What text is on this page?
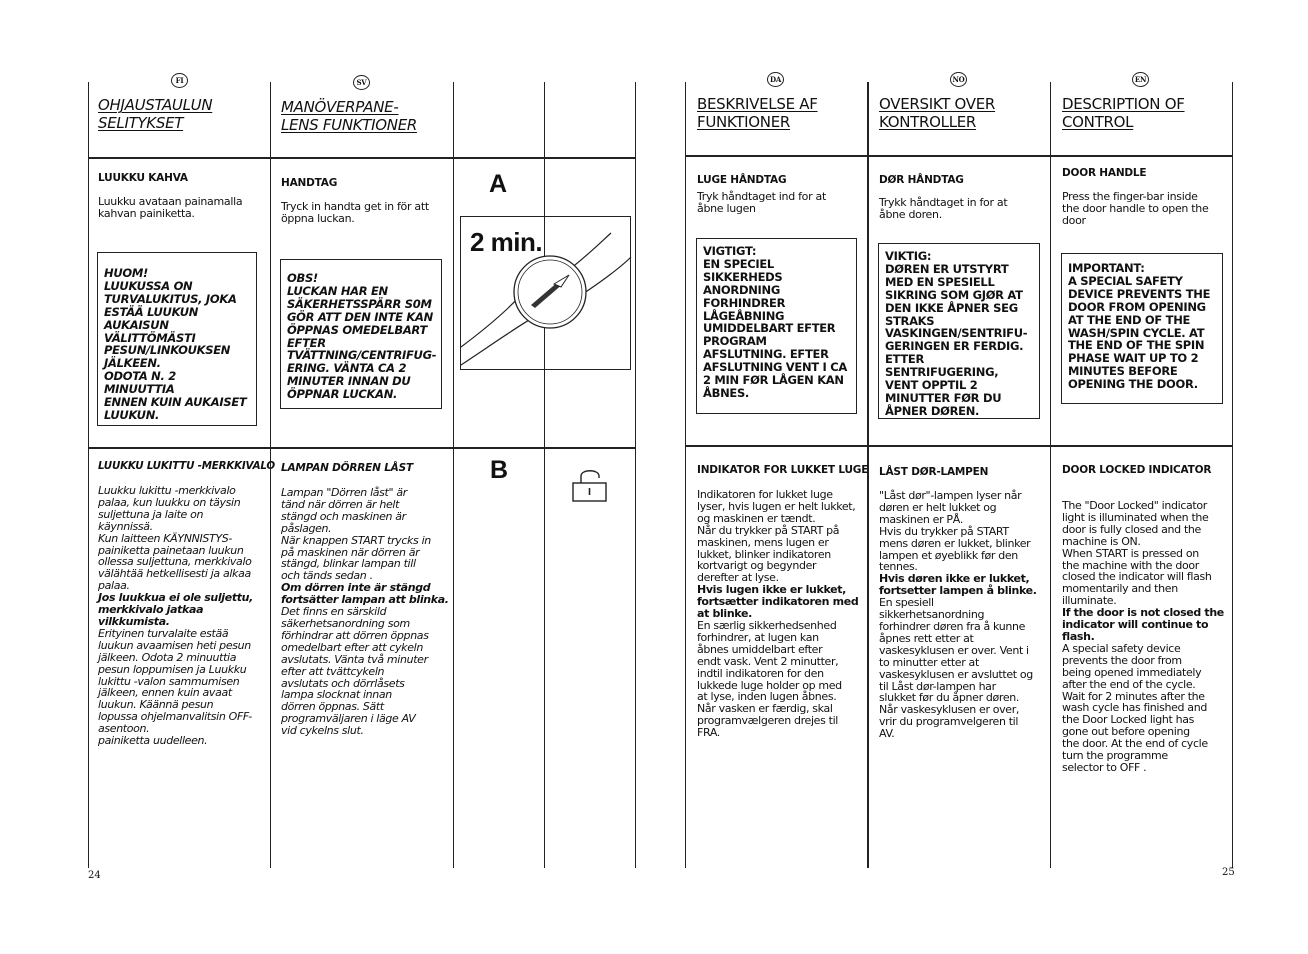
FI
OHJAUSTAULUN
SELITYKSET
LUUKKU KAHVA
Luukku avataan painamalla
kahvan painiketta.
HUOM!
LUUKUSSA ON
TURVALUKITUS, JOKA
ESTÄÄ LUUKUN
AUKAISUN
VÄLITTÖMÄSTI
PESUN/LINKOUKSEN
JÄLKEEN.
ODOTA N. 2 MINUUTTIA
ENNEN KUIN AUKAISET
LUUKUN.
LUUKKU LUKITTU -MERKKIVALO
Luukku lukittu -merkkivalo
palaa, kun luukku on täysin
suljettuna ja laite on
käynnissä.
Kun laitteen KÄYNNISTYS-
painiketta painetaan luukun
ollessa suljettuna, merkkivalo
välähtää hetkellisesti ja alkaa
palaa.
Jos luukkua ei ole suljettu,
merkkivalo jatkaa
vilkkumista.
Erityinen turvalaite estää
luukun avaamisen heti pesun
jälkeen. Odota 2 minuuttia
pesun loppumisen ja Luukku
lukittu -valon sammumisen
jälkeen, ennen kuin avaat
luukun. Käännä pesun
lopussa ohjelmanvalitsin OFF-
asentoon.
painiketta uudelleen.
SV
MANÖVERPANE-
LENS FUNKTIONER
HANDTAG
Tryck in handta get in för att
öppna luckan.
OBS!
LUCKAN HAR EN
SÄKERHETSSPÄRR S0M
GÖR ATT DEN INTE KAN
ÖPPNAS OMEDELBART
EFTER
TVÄTTNING/CENTRIFUG-
ERING. VÄNTA CA 2
MINUTER INNAN DU
ÖPPNAR LUCKAN.
LAMPAN DÖRREN LÅST
Lampan "Dörren låst" är
tänd när dörren är helt
stängd och maskinen är
påslagen.
När knappen START trycks in
på maskinen när dörren är
stängd, blinkar lampan till
och tänds sedan .
Om dörren inte är stängd
fortsätter lampan att blinka.
Det finns en särskild
säkerhetsanordning som
förhindrar att dörren öppnas
omedelbart efter att cykeln
avslutats. Vänta två minuter
efter att tvättcykeln
avslutats och dörrlåsets
lampa slocknat innan
dörren öppnas. Sätt
programväljaren i läge AV
vid cykelns slut.
A
2 min.
B
24
DA
BESKRIVELSE AF
FUNKTIONER
LUGE HÅNDTAG
Tryk håndtaget ind for at
åbne lugen
VIGTIGT:
EN SPECIEL
SIKKERHEDS
ANORDNING
FORHINDRER
LÅGEÅBNING
UMIDDELBART EFTER
PROGRAM
AFSLUTNING. EFTER
AFSLUTNING VENT I CA
2 MIN FØR LÅGEN KAN
ÅBNES.
INDIKATOR FOR LUKKET LUGE
Indikatoren for lukket luge
lyser, hvis lugen er helt lukket,
og maskinen er tændt.
Når du trykker på START på
maskinen, mens lugen er
lukket, blinker indikatoren
kortvarigt og begynder
derefter at lyse.
Hvis lugen ikke er lukket,
fortsætter indikatoren med
at blinke.
En særlig sikkerhedsenhed
forhindrer, at lugen kan
åbnes umiddelbart efter
endt vask. Vent 2 minutter,
indtil indikatoren for den
lukkede luge holder op med
at lyse, inden lugen åbnes.
Når vasken er færdig, skal
programvælgeren drejes til
FRA.
NO
OVERSIKT OVER
KONTROLLER
DØR HÅNDTAG
Trykk håndtaget in for at
åbne doren.
VIKTIG:
DØREN ER UTSTYRT
MED EN SPESIELL
SIKRING SOM GJØR AT
DEN IKKE ÅPNER SEG
STRAKS
VASKINGEN/SENTRIFU-
GERINGEN ER FERDIG.
ETTER SENTRIFUGERING,
VENT OPPTIL 2
MINUTTER FØR DU
ÅPNER DØREN.
LÅST DØR-LAMPEN
"Låst dør"-lampen lyser når
døren er helt lukket og
maskinen er PÅ.
Hvis du trykker på START
mens døren er lukket, blinker
lampen et øyeblikk før den
tennes.
Hvis døren ikke er lukket,
fortsetter lampen å blinke.
En spesiell
sikkerhetsanordning
forhindrer døren fra å kunne
åpnes rett etter at
vaskesyklusen er over. Vent i
to minutter etter at
vaskesyklusen er avsluttet og
til Låst dør-lampen har
slukket før du åpner døren.
Når vaskesyklusen er over,
vrir du programvelgeren til
AV.
EN
DESCRIPTION OF
CONTROL
DOOR HANDLE
Press the finger-bar inside
the door handle to open the
door
IMPORTANT:
A SPECIAL SAFETY
DEVICE PREVENTS THE
DOOR FROM OPENING
AT THE END OF THE
WASH/SPIN CYCLE. AT
THE END OF THE SPIN
PHASE WAIT UP TO 2
MINUTES BEFORE
OPENING THE DOOR.
DOOR LOCKED INDICATOR
The "Door Locked" indicator
light is illuminated when the
door is fully closed and the
machine is ON.
When START is pressed on
the machine with the door
closed the indicator will flash
momentarily and then
illuminate.
If the door is not closed the
indicator will continue to
flash.
A special safety device
prevents the door from
being opened immediately
after the end of the cycle.
Wait for 2 minutes after the
wash cycle has finished and
the Door Locked light has
gone out before opening
the door. At the end of cycle
turn the programme
selector to OFF .
25
